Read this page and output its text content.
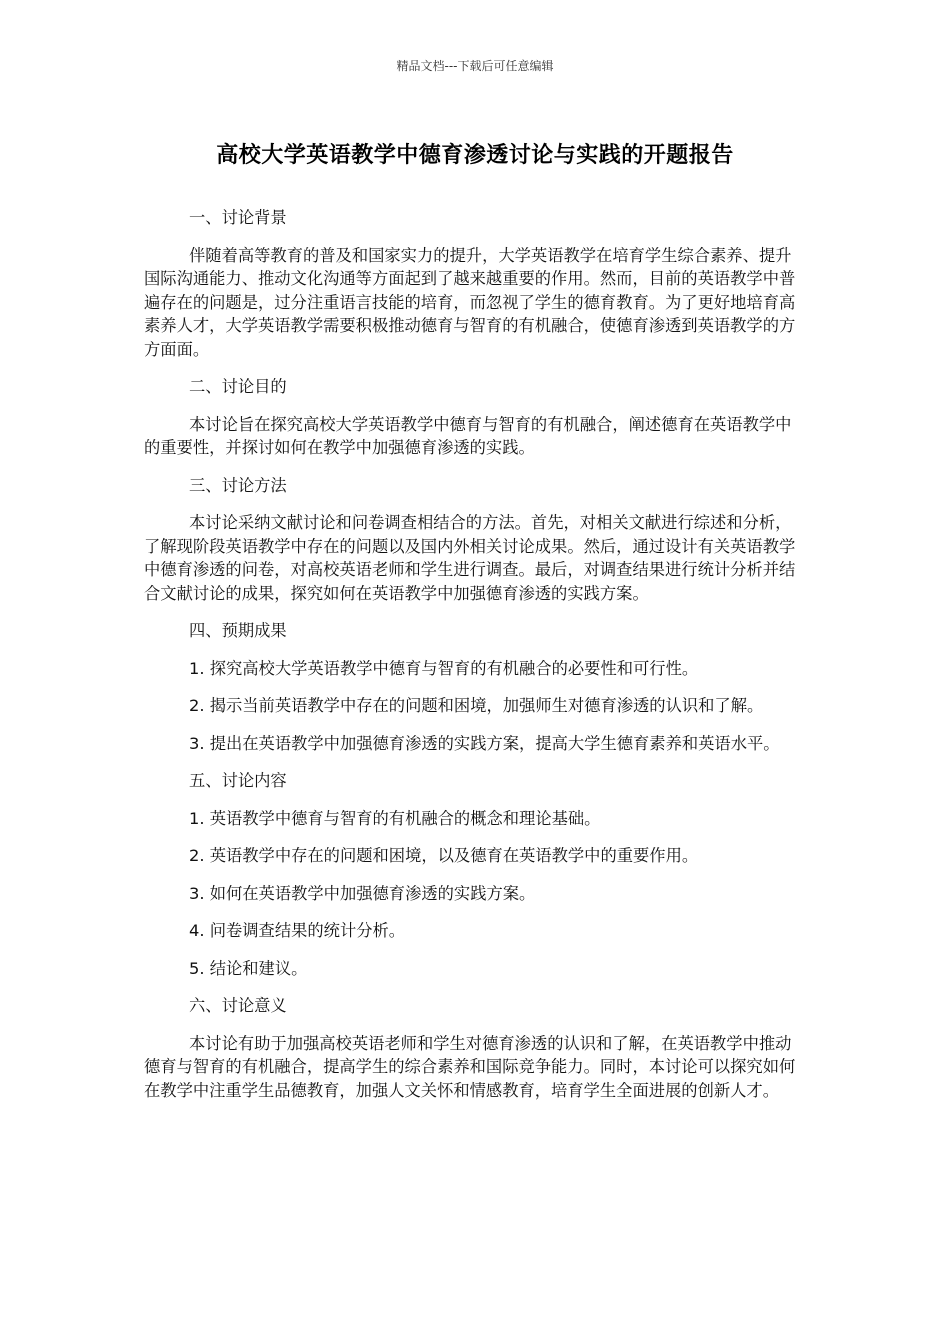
精品文档---下载后可任意编辑
高校大学英语教学中德育渗透讨论与实践的开题报告

一、讨论背景

伴随着高等教育的普及和国家实力的提升，大学英语教学在培育学生综合素养、提升国际沟通能力、推动文化沟通等方面起到了越来越重要的作用。然而，目前的英语教学中普遍存在的问题是，过分注重语言技能的培育，而忽视了学生的德育教育。为了更好地培育高素养人才，大学英语教学需要积极推动德育与智育的有机融合，使德育渗透到英语教学的方方面面。

二、讨论目的

本讨论旨在探究高校大学英语教学中德育与智育的有机融合，阐述德育在英语教学中的重要性，并探讨如何在教学中加强德育渗透的实践。

三、讨论方法

本讨论采纳文献讨论和问卷调查相结合的方法。首先，对相关文献进行综述和分析，了解现阶段英语教学中存在的问题以及国内外相关讨论成果。然后，通过设计有关英语教学中德育渗透的问卷，对高校英语老师和学生进行调查。最后，对调查结果进行统计分析并结合文献讨论的成果，探究如何在英语教学中加强德育渗透的实践方案。

四、预期成果

1. 探究高校大学英语教学中德育与智育的有机融合的必要性和可行性。

2. 揭示当前英语教学中存在的问题和困境，加强师生对德育渗透的认识和了解。

3. 提出在英语教学中加强德育渗透的实践方案，提高大学生德育素养和英语水平。

五、讨论内容

1. 英语教学中德育与智育的有机融合的概念和理论基础。

2. 英语教学中存在的问题和困境，以及德育在英语教学中的重要作用。

3. 如何在英语教学中加强德育渗透的实践方案。

4. 问卷调查结果的统计分析。

5. 结论和建议。

六、讨论意义

本讨论有助于加强高校英语老师和学生对德育渗透的认识和了解，在英语教学中推动德育与智育的有机融合，提高学生的综合素养和国际竞争能力。同时，本讨论可以探究如何在教学中注重学生品德教育，加强人文关怀和情感教育，培育学生全面进展的创新人才。
